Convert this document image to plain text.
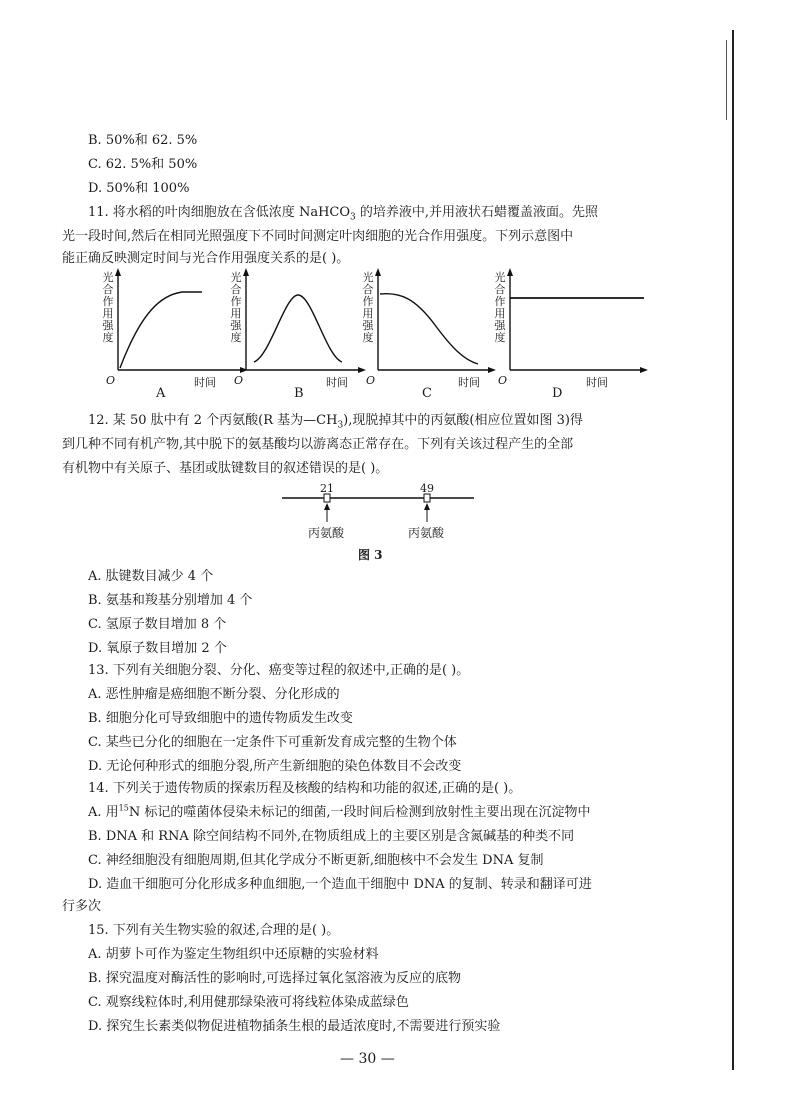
B. 50%和 62. 5%
C. 62. 5%和 50%
D. 50%和 100%
11. 将水稻的叶肉细胞放在含低浓度 NaHCO$_3$ 的培养液中,并用液状石蜡覆盖液面。先照
光一段时间,然后在相同光照强度下不同时间测定叶肉细胞的光合作用强度。下列示意图中
能正确反映测定时间与光合作用强度关系的是( )。
光合作用强度
O	时间
A
光合作用强度
O	时间
B
光合作用强度
O	时间
C
光合作用强度
O	时间
D
12. 某 50 肽中有 2 个丙氨酸(R 基为$—CH_3$),现脱掉其中的丙氨酸(相应位置如图 3)得
到几种不同有机产物,其中脱下的氨基酸均以游离态正常存在。下列有关该过程产生的全部
有机物中有关原子、基团或肽键数目的叙述错误的是( )。
21	49
丙氨酸	丙氨酸
图 3
A. 肽键数目减少 4 个
B. 氨基和羧基分别增加 4 个
C. 氢原子数目增加 8 个
D. 氧原子数目增加 2 个
13. 下列有关细胞分裂、分化、癌变等过程的叙述中,正确的是( )。
A. 恶性肿瘤是癌细胞不断分裂、分化形成的
B. 细胞分化可导致细胞中的遗传物质发生改变
C. 某些已分化的细胞在一定条件下可重新发育成完整的生物个体
D. 无论何种形式的细胞分裂,所产生新细胞的染色体数目不会改变
14. 下列关于遗传物质的探索历程及核酸的结构和功能的叙述,正确的是( )。
A. 用$^{15}$N 标记的噬菌体侵染未标记的细菌,一段时间后检测到放射性主要出现在沉淀物中
B. DNA 和 RNA 除空间结构不同外,在物质组成上的主要区别是含氮碱基的种类不同
C. 神经细胞没有细胞周期,但其化学成分不断更新,细胞核中不会发生 DNA 复制
D. 造血干细胞可分化形成多种血细胞,一个造血干细胞中 DNA 的复制、转录和翻译可进
行多次
15. 下列有关生物实验的叙述,合理的是( )。
A. 胡萝卜可作为鉴定生物组织中还原糖的实验材料
B. 探究温度对酶活性的影响时,可选择过氧化氢溶液为反应的底物
C. 观察线粒体时,利用健那绿染液可将线粒体染成蓝绿色
D. 探究生长素类似物促进植物插条生根的最适浓度时,不需要进行预实验
— 30 —
